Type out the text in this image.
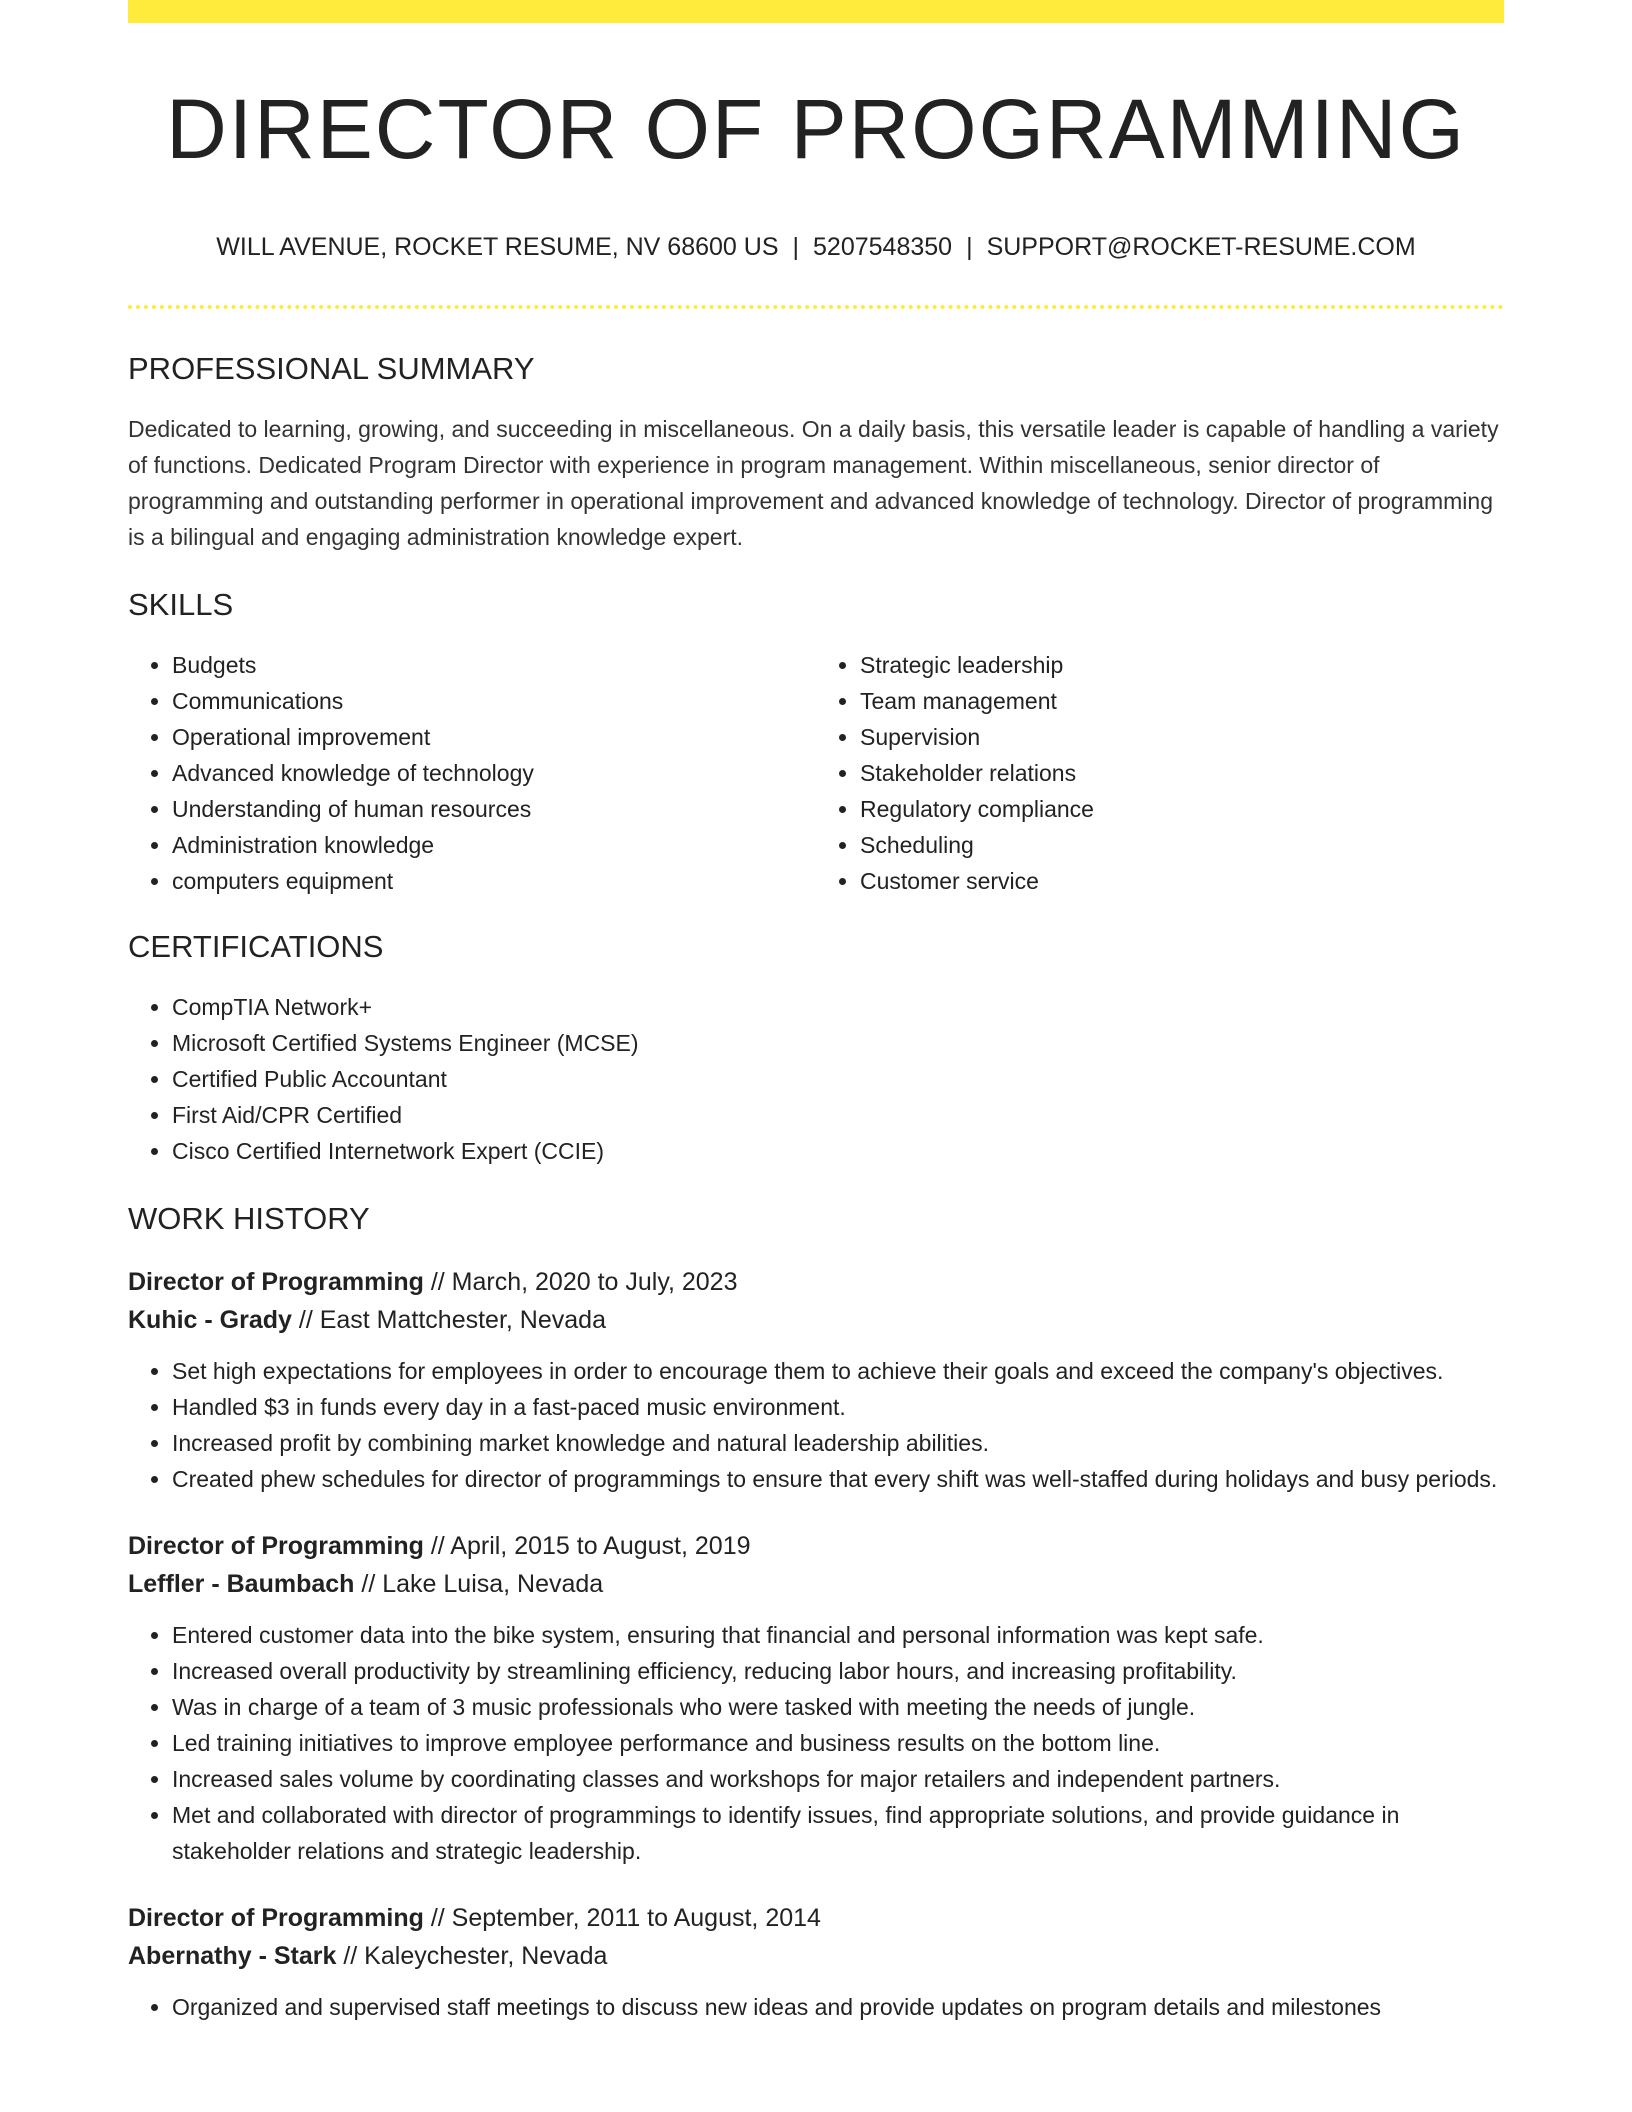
DIRECTOR OF PROGRAMMING
WILL AVENUE, ROCKET RESUME, NV 68600 US | 5207548350 | SUPPORT@ROCKET-RESUME.COM
PROFESSIONAL SUMMARY

Dedicated to learning, growing, and succeeding in miscellaneous. On a daily basis, this versatile leader is capable of handling a variety of functions. Dedicated Program Director with experience in program management. Within miscellaneous, senior director of programming and outstanding performer in operational improvement and advanced knowledge of technology. Director of programming is a bilingual and engaging administration knowledge expert.

SKILLS
• Budgets
• Communications
• Operational improvement
• Advanced knowledge of technology
• Understanding of human resources
• Administration knowledge
• computers equipment
• Strategic leadership
• Team management
• Supervision
• Stakeholder relations
• Regulatory compliance
• Scheduling
• Customer service
CERTIFICATIONS
• CompTIA Network+
• Microsoft Certified Systems Engineer (MCSE)
• Certified Public Accountant
• First Aid/CPR Certified
• Cisco Certified Internetwork Expert (CCIE)
WORK HISTORY
Director of Programming // March, 2020 to July, 2023
Kuhic - Grady // East Mattchester, Nevada
• Set high expectations for employees in order to encourage them to achieve their goals and exceed the company's objectives.
• Handled $3 in funds every day in a fast-paced music environment.
• Increased profit by combining market knowledge and natural leadership abilities.
• Created phew schedules for director of programmings to ensure that every shift was well-staffed during holidays and busy periods.
Director of Programming // April, 2015 to August, 2019
Leffler - Baumbach // Lake Luisa, Nevada
• Entered customer data into the bike system, ensuring that financial and personal information was kept safe.
• Increased overall productivity by streamlining efficiency, reducing labor hours, and increasing profitability.
• Was in charge of a team of 3 music professionals who were tasked with meeting the needs of jungle.
• Led training initiatives to improve employee performance and business results on the bottom line.
• Increased sales volume by coordinating classes and workshops for major retailers and independent partners.
• Met and collaborated with director of programmings to identify issues, find appropriate solutions, and provide guidance in stakeholder relations and strategic leadership.
Director of Programming // September, 2011 to August, 2014
Abernathy - Stark // Kaleychester, Nevada
• Organized and supervised staff meetings to discuss new ideas and provide updates on program details and milestones
